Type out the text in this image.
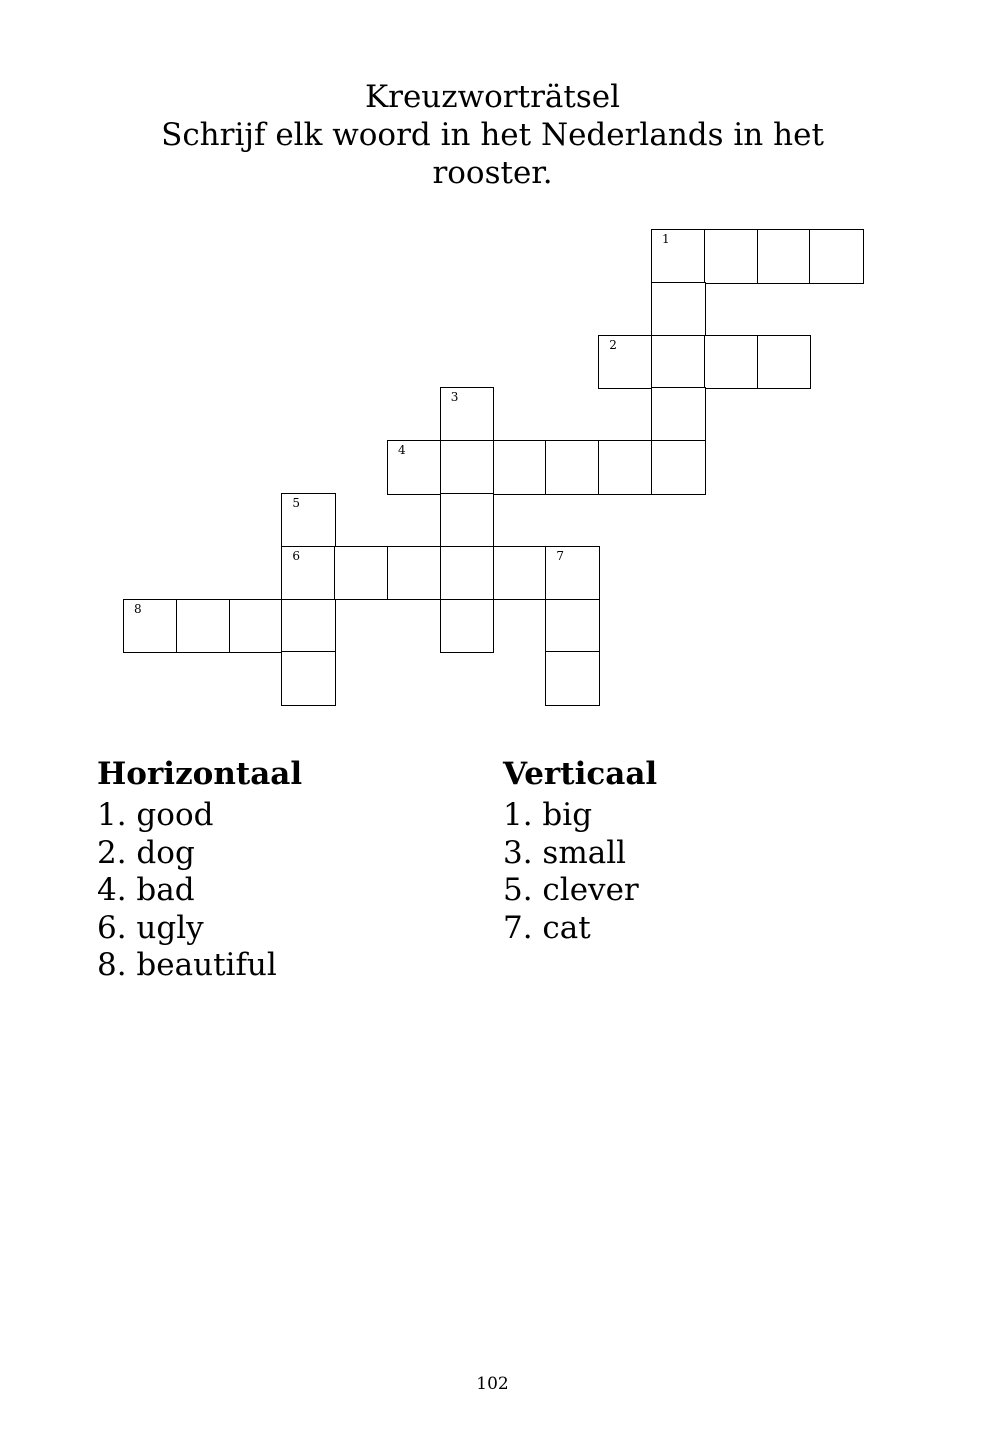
Kreuzworträtsel
Schrijf elk woord in het Nederlands in het
rooster.
1
2
3
4
5
6	7
8
Horizontaal
1. good
2. dog
4. bad
6. ugly
8. beautiful
Verticaal
1. big
3. small
5. clever
7. cat
102
